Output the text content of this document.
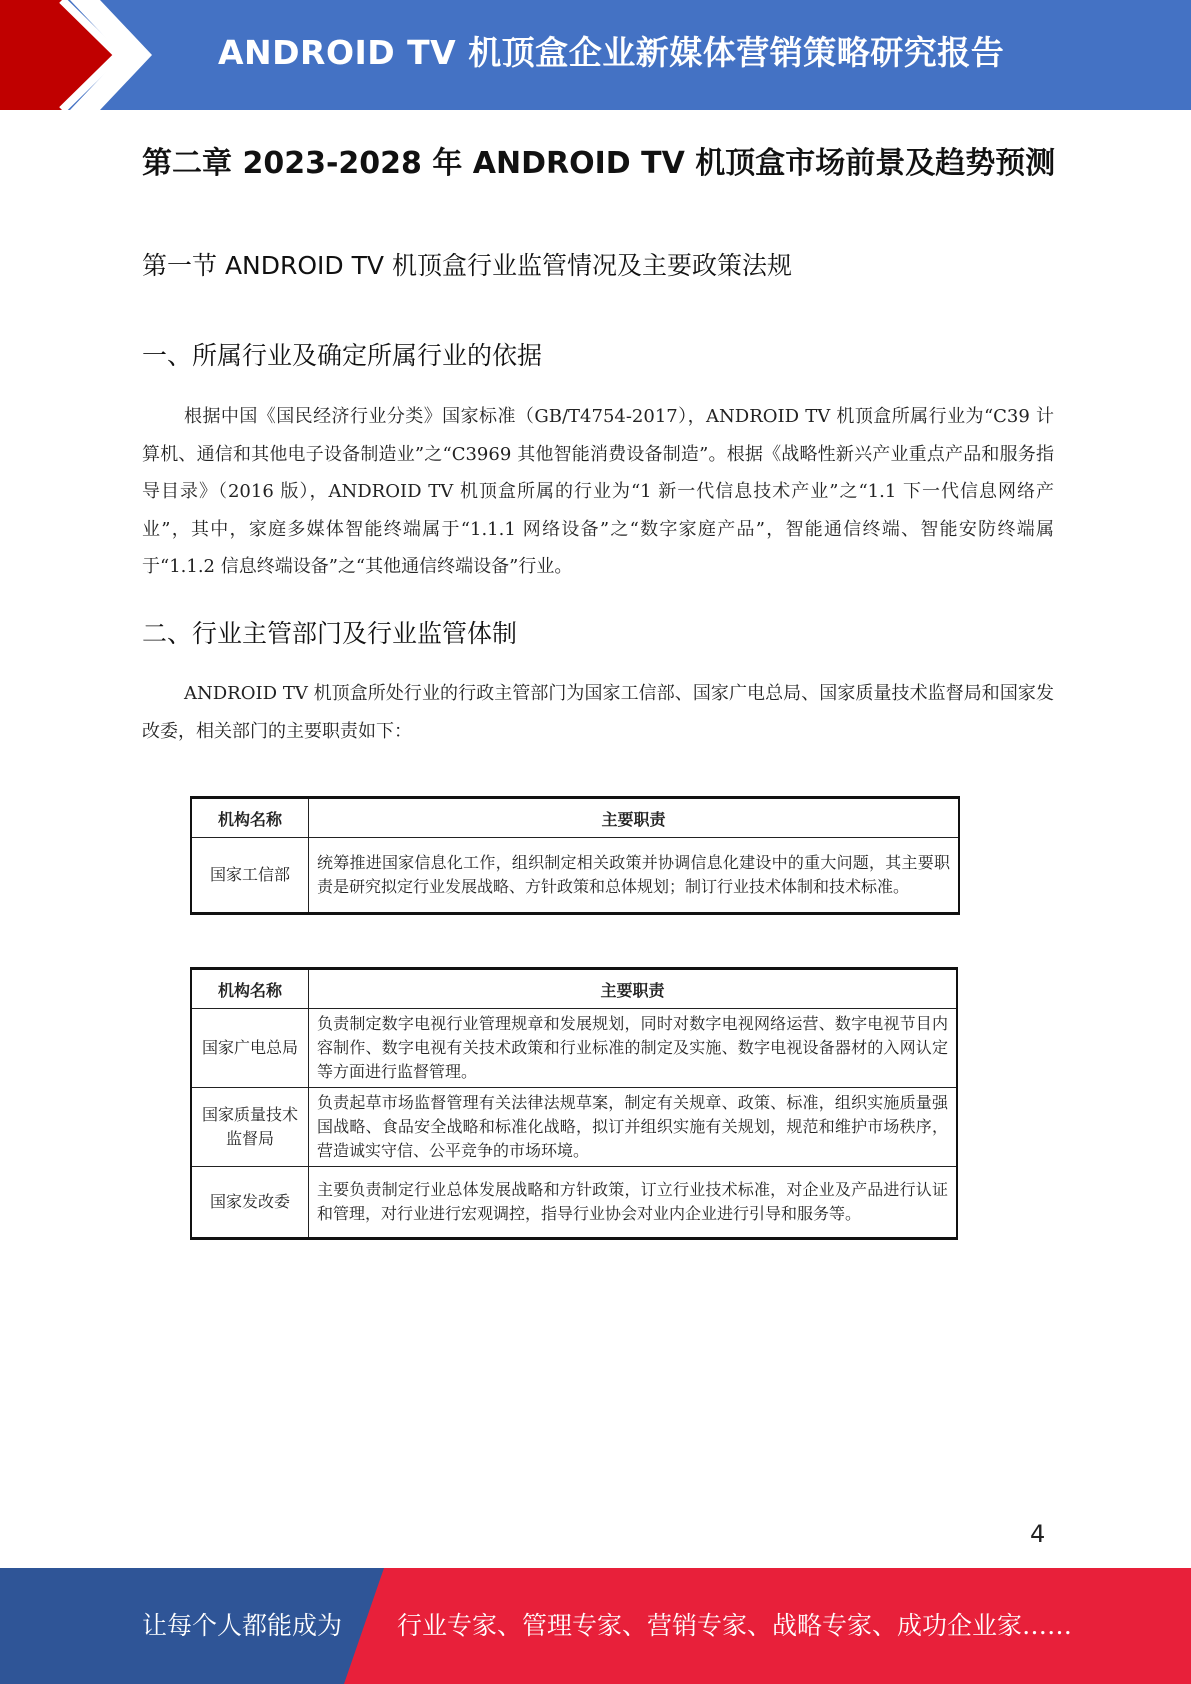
ANDROID TV 机顶盒企业新媒体营销策略研究报告
第二章 2023-2028 年 ANDROID TV 机顶盒市场前景及趋势预测
第一节 ANDROID TV 机顶盒行业监管情况及主要政策法规
一、所属行业及确定所属行业的依据
根据中国《国民经济行业分类》国家标准（GB/T4754-2017），ANDROID TV 机顶盒所属行业为“C39 计算机、通信和其他电子设备制造业”之“C3969 其他智能消费设备制造”。根据《战略性新兴产业重点产品和服务指导目录》（2016 版），ANDROID TV 机顶盒所属的行业为“1 新一代信息技术产业”之“1.1 下一代信息网络产业”，其中，家庭多媒体智能终端属于“1.1.1 网络设备”之“数字家庭产品”，智能通信终端、智能安防终端属于“1.1.2 信息终端设备”之“其他通信终端设备”行业。
二、行业主管部门及行业监管体制
ANDROID TV 机顶盒所处行业的行政主管部门为国家工信部、国家广电总局、国家质量技术监督局和国家发改委，相关部门的主要职责如下：
机构名称	主要职责
国家工信部	统筹推进国家信息化工作，组织制定相关政策并协调信息化建设中的重大问题，其主要职责是研究拟定行业发展战略、方针政策和总体规划；制订行业技术体制和技术标准。
机构名称	主要职责
国家广电总局	负责制定数字电视行业管理规章和发展规划，同时对数字电视网络运营、数字电视节目内容制作、数字电视有关技术政策和行业标准的制定及实施、数字电视设备器材的入网认定等方面进行监督管理。
国家质量技术监督局	负责起草市场监督管理有关法律法规草案，制定有关规章、政策、标准，组织实施质量强国战略、食品安全战略和标准化战略，拟订并组织实施有关规划，规范和维护市场秩序，营造诚实守信、公平竞争的市场环境。
国家发改委	主要负责制定行业总体发展战略和方针政策，订立行业技术标准，对企业及产品进行认证和管理，对行业进行宏观调控，指导行业协会对业内企业进行引导和服务等。
4
让每个人都能成为 行业专家、管理专家、营销专家、战略专家、成功企业家……
